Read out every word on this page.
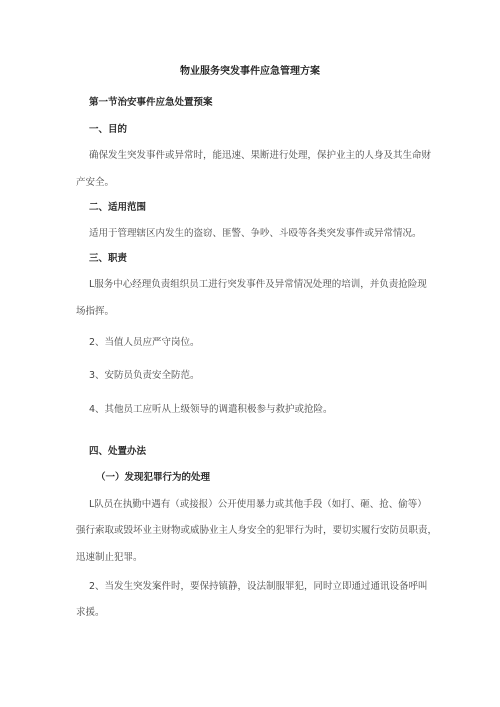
物业服务突发事件应急管理方案
第一节治安事件应急处置预案
一、目的
确保发生突发事件或异常时，能迅速、果断进行处理，保护业主的人身及其生命财
产安全。
二、适用范围
适用于管理辖区内发生的盗窃、匪警、争吵、斗殴等各类突发事件或异常情况。
三、职责
L服务中心经理负责组织员工进行突发事件及异常情况处理的培训，并负责抢险现
场指挥。
2、当值人员应严守岗位。
3、安防员负责安全防范。
4、其他员工应听从上级领导的调遣积极参与救护或抢险。
四、处置办法
（一）发现犯罪行为的处理
L队员在执勤中遇有（或接报）公开使用暴力或其他手段（如打、砸、抢、偷等）
强行索取或毁坏业主财物或威胁业主人身安全的犯罪行为时，要切实履行安防员职责，
迅速制止犯罪。
2、当发生突发案件时，要保持镇静，设法制服罪犯，同时立即通过通讯设备呼叫
求援。
